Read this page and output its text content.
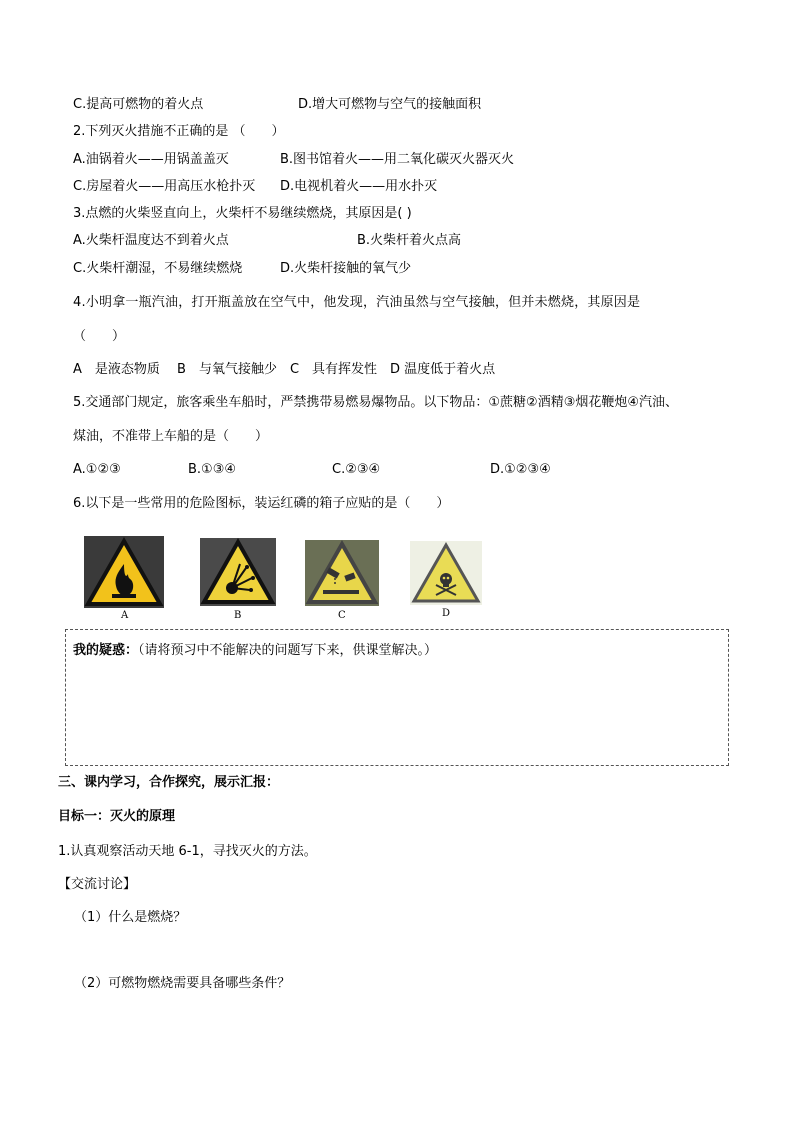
C.提高可燃物的着火点	D.增大可燃物与空气的接触面积
2.下列灭火措施不正确的是 （　　）
A.油锅着火——用锅盖盖灭	B.图书馆着火——用二氧化碳灭火器灭火
C.房屋着火——用高压水枪扑灭 D.电视机着火——用水扑灭
3.点燃的火柴竖直向上，火柴杆不易继续燃烧，其原因是( )
A.火柴杆温度达不到着火点	B.火柴杆着火点高
C.火柴杆潮湿，不易继续燃烧	D.火柴杆接触的氧气少
4.小明拿一瓶汽油，打开瓶盖放在空气中，他发现，汽油虽然与空气接触，但并未燃烧，其原因是
（　　）
A　是液态物质　 B　与氧气接触少　C　具有挥发性　D 温度低于着火点
5.交通部门规定，旅客乘坐车船时，严禁携带易燃易爆物品。以下物品：①蔗糖②酒精③烟花鞭炮④汽油、
煤油，不准带上车船的是（　　）
A.①②③	B.①③④	C.②③④	D.①②③④
6.以下是一些常用的危险图标，装运红磷的箱子应贴的是（　　）
A	B	C	D
我的疑惑：（请将预习中不能解决的问题写下来，供课堂解决。）
三、课内学习，合作探究，展示汇报：
目标一：灭火的原理
1.认真观察活动天地 6-1，寻找灭火的方法。
【交流讨论】
（1）什么是燃烧？
（2）可燃物燃烧需要具备哪些条件？
